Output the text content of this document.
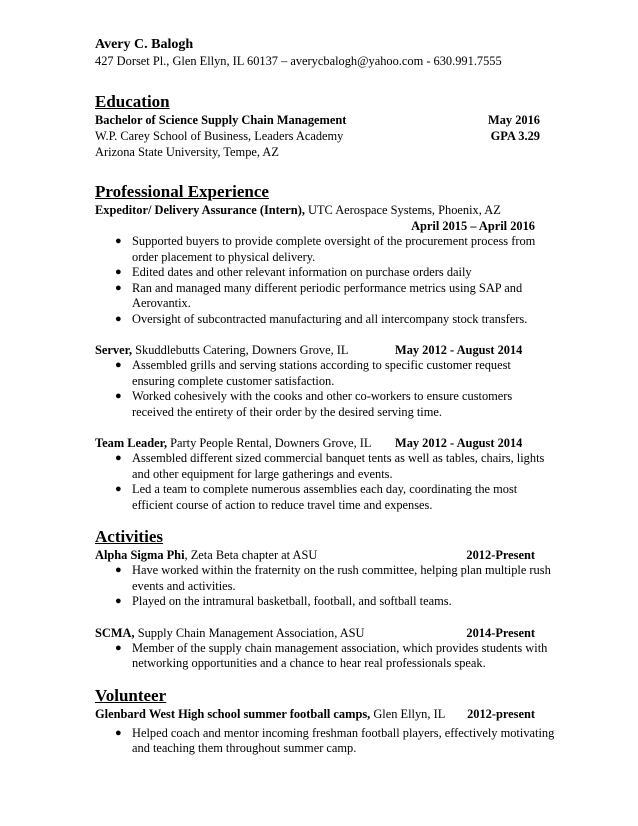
Avery C. Balogh
427 Dorset Pl., Glen Ellyn, IL 60137 – averycbalogh@yahoo.com - 630.991.7555
Education
Bachelor of Science Supply Chain Management	May 2016
W.P. Carey School of Business, Leaders Academy	GPA 3.29
Arizona State University, Tempe, AZ
Professional Experience
Expeditor/ Delivery Assurance (Intern), UTC Aerospace Systems, Phoenix, AZ
April 2015 – April 2016
● Supported buyers to provide complete oversight of the procurement process from order placement to physical delivery.
● Edited dates and other relevant information on purchase orders daily
● Ran and managed many different periodic performance metrics using SAP and Aerovantix.
● Oversight of subcontracted manufacturing and all intercompany stock transfers.
Server, Skuddlebutts Catering, Downers Grove, IL	May 2012 - August 2014
● Assembled grills and serving stations according to specific customer request ensuring complete customer satisfaction.
● Worked cohesively with the cooks and other co-workers to ensure customers received the entirety of their order by the desired serving time.
Team Leader, Party People Rental, Downers Grove, IL May 2012 - August 2014
● Assembled different sized commercial banquet tents as well as tables, chairs, lights and other equipment for large gatherings and events.
● Led a team to complete numerous assemblies each day, coordinating the most efficient course of action to reduce travel time and expenses.
Activities
Alpha Sigma Phi, Zeta Beta chapter at ASU	2012-Present
● Have worked within the fraternity on the rush committee, helping plan multiple rush events and activities.
● Played on the intramural basketball, football, and softball teams.
SCMA, Supply Chain Management Association, ASU	2014-Present
● Member of the supply chain management association, which provides students with networking opportunities and a chance to hear real professionals speak.
Volunteer
Glenbard West High school summer football camps, Glen Ellyn, IL 2012-present
● Helped coach and mentor incoming freshman football players, effectively motivating and teaching them throughout summer camp.
